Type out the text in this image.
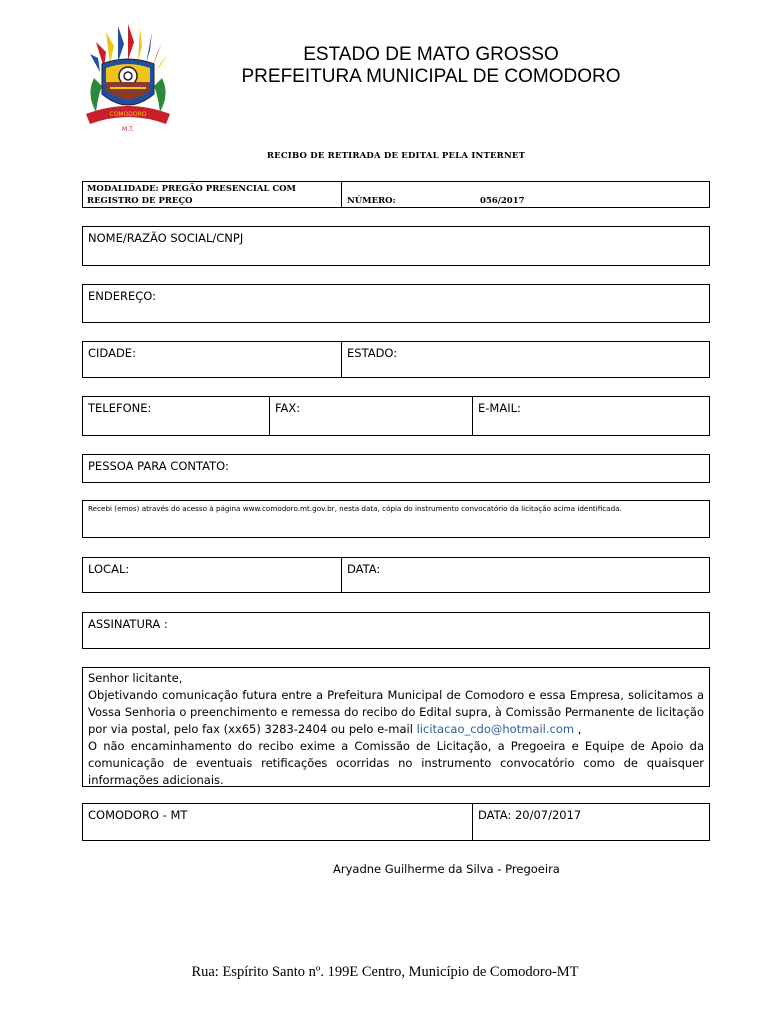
COMODORO
M.T.
ESTADO DE MATO GROSSO
PREFEITURA MUNICIPAL DE COMODORO
RECIBO DE RETIRADA DE EDITAL PELA INTERNET
MODALIDADE: PREGÃO PRESENCIAL COM REGISTRO DE PREÇO	NÚMERO:	056/2017
NOME/RAZÃO SOCIAL/CNPJ
ENDEREÇO:
CIDADE:	ESTADO:
TELEFONE:	FAX:	E-MAIL:
PESSOA PARA CONTATO:
Recebi (emos) através do acesso à página www.comodoro.mt.gov.br, nesta data, cópia do instrumento convocatório da licitação acima identificada.
LOCAL:	DATA:
ASSINATURA :

Senhor licitante,

Objetivando comunicação futura entre a Prefeitura Municipal de Comodoro e essa Empresa, solicitamos a Vossa Senhoria o preenchimento e remessa do recibo do Edital supra, à Comissão Permanente de licitação por via postal, pelo fax (xx65) 3283-2404 ou pelo e-mail licitacao_cdo@hotmail.com ,

O não encaminhamento do recibo exime a Comissão de Licitação, a Pregoeira e Equipe de Apoio da comunicação de eventuais retificações ocorridas no instrumento convocatório como de quaisquer informações adicionais.

COMODORO - MT	DATA: 20/07/2017
Aryadne Guilherme da Silva - Pregoeira
Rua: Espírito Santo nº. 199E Centro, Município de Comodoro-MT
